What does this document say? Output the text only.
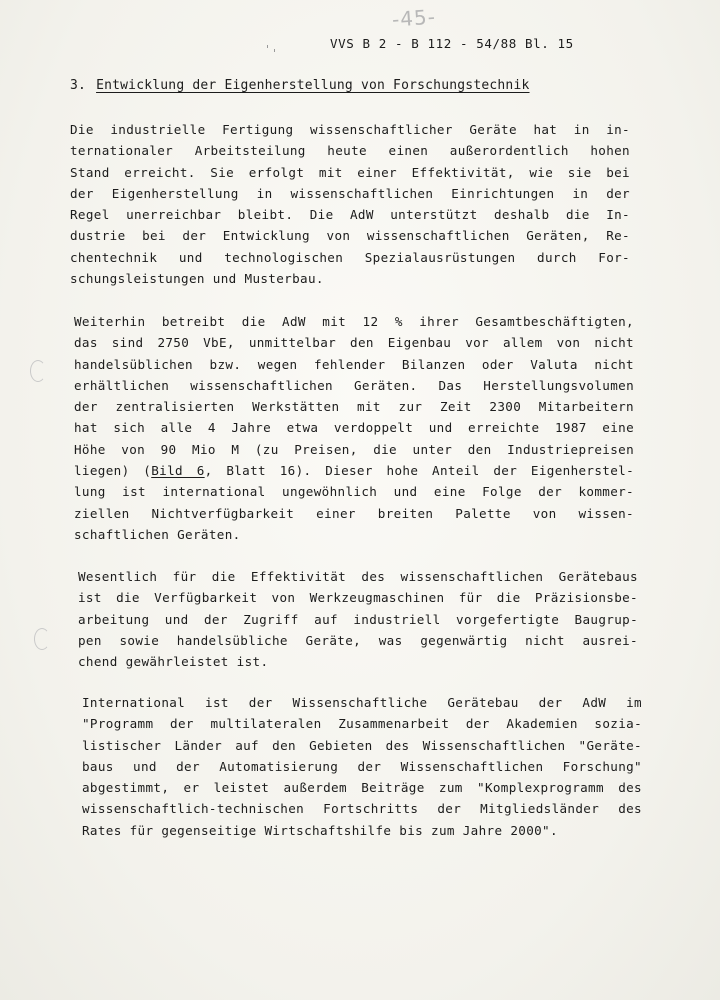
-45-
VVS B 2 - B 112 - 54/88 Bl. 15
3. Entwicklung der Eigenherstellung von Forschungstechnik
Die industrielle Fertigung wissenschaftlicher Geräte hat in in-
ternationaler Arbeitsteilung heute einen außerordentlich hohen
Stand erreicht. Sie erfolgt mit einer Effektivität, wie sie bei
der Eigenherstellung in wissenschaftlichen Einrichtungen in der
Regel unerreichbar bleibt. Die AdW unterstützt deshalb die In-
dustrie bei der Entwicklung von wissenschaftlichen Geräten, Re-
chentechnik und technologischen Spezialausrüstungen durch For-
schungsleistungen und Musterbau.
Weiterhin betreibt die AdW mit 12 % ihrer Gesamtbeschäftigten,
das sind 2750 VbE, unmittelbar den Eigenbau vor allem von nicht
handelsüblichen bzw. wegen fehlender Bilanzen oder Valuta nicht
erhältlichen wissenschaftlichen Geräten. Das Herstellungsvolumen
der zentralisierten Werkstätten mit zur Zeit 2300 Mitarbeitern
hat sich alle 4 Jahre etwa verdoppelt und erreichte 1987 eine
Höhe von 90 Mio M (zu Preisen, die unter den Industriepreisen
liegen) (Bild 6, Blatt 16). Dieser hohe Anteil der Eigenherstel-
lung ist international ungewöhnlich und eine Folge der kommer-
ziellen Nichtverfügbarkeit einer breiten Palette von wissen-
schaftlichen Geräten.
Wesentlich für die Effektivität des wissenschaftlichen Gerätebaus
ist die Verfügbarkeit von Werkzeugmaschinen für die Präzisionsbe-
arbeitung und der Zugriff auf industriell vorgefertigte Baugrup-
pen sowie handelsübliche Geräte, was gegenwärtig nicht ausrei-
chend gewährleistet ist.
International ist der Wissenschaftliche Gerätebau der AdW im
"Programm der multilateralen Zusammenarbeit der Akademien sozia-
listischer Länder auf den Gebieten des Wissenschaftlichen "Geräte-
baus und der Automatisierung der Wissenschaftlichen Forschung"
abgestimmt, er leistet außerdem Beiträge zum "Komplexprogramm des
wissenschaftlich-technischen Fortschritts der Mitgliedsländer des
Rates für gegenseitige Wirtschaftshilfe bis zum Jahre 2000".
